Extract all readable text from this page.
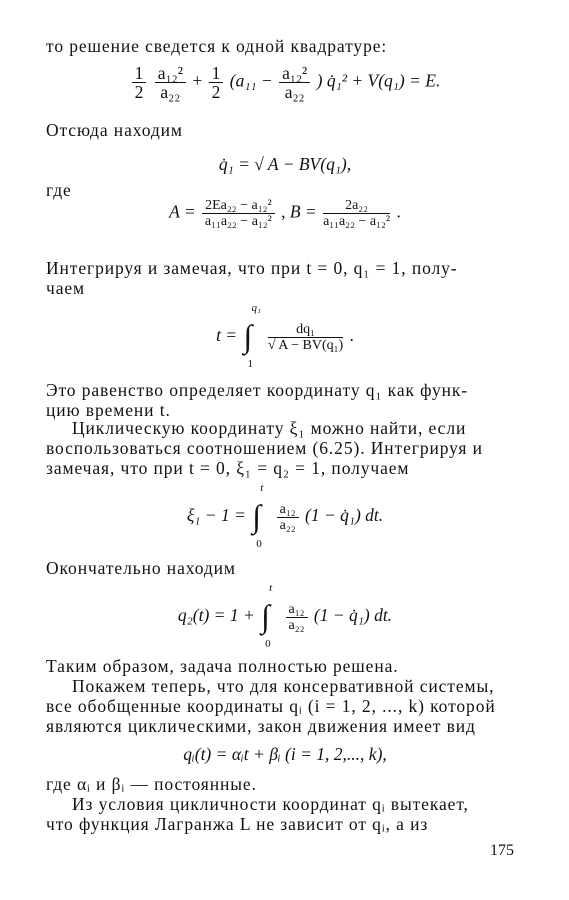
то решение сведется к одной квадратуре:
$\frac{1}{2}$
$\frac{\text{a₁₂²}}{\text{a₂₂}} + \frac{1}{2} (a_{11} - \frac{\text{a₁₂²}}{\text{a₂₂}}$ ) q̇₁² + V(q₁) = E.
Отсюда находим
q̇₁ = √ A − BV(q₁),
где
$A = \frac{\text{2Ea₂₂ − a₁₂²}}{\text{a₁₁a₂₂ − a₁₂²}}$ , $B = \frac{\text{2a₂₂}}{\text{a₁₁a₂₂ − a₁₂²}}$ .
Интегрируя и замечая, что при t = 0, q₁ = 1, полу-
чаем
t = ∫
q₁
1

$\frac{\text{dq₁}}{\text{√ A − BV(q₁)}}$ .
Это равенство определяет координату q₁ как функ-
цию времени t.
Циклическую координату ξ₁ можно найти, если
воспользоваться соотношением (6.25). Интегрируя и
замечая, что при t = 0, ξ₁ = q₂ = 1, получаем
ξ₁ − 1 = ∫
t
0

$\frac{\text{a₁₂}}{\text{a₂₂}} (1$ − q̇₁) dt.
Окончательно находим
q₂(t) = 1 + ∫
t
0

$\frac{\text{a₁₂}}{\text{a₂₂}} (1$ − q̇₁) dt.
Таким образом, задача полностью решена.
Покажем теперь, что для консервативной системы,
все обобщенные координаты qᵢ (i = 1, 2, ..., k) которой
являются циклическими, закон движения имеет вид
qᵢ(t) = αᵢt + βᵢ (i = 1, 2,..., k),
где αᵢ и βᵢ — постоянные.
Из условия цикличности координат qᵢ вытекает,
что функция Лагранжа L не зависит от qᵢ, а из
175
